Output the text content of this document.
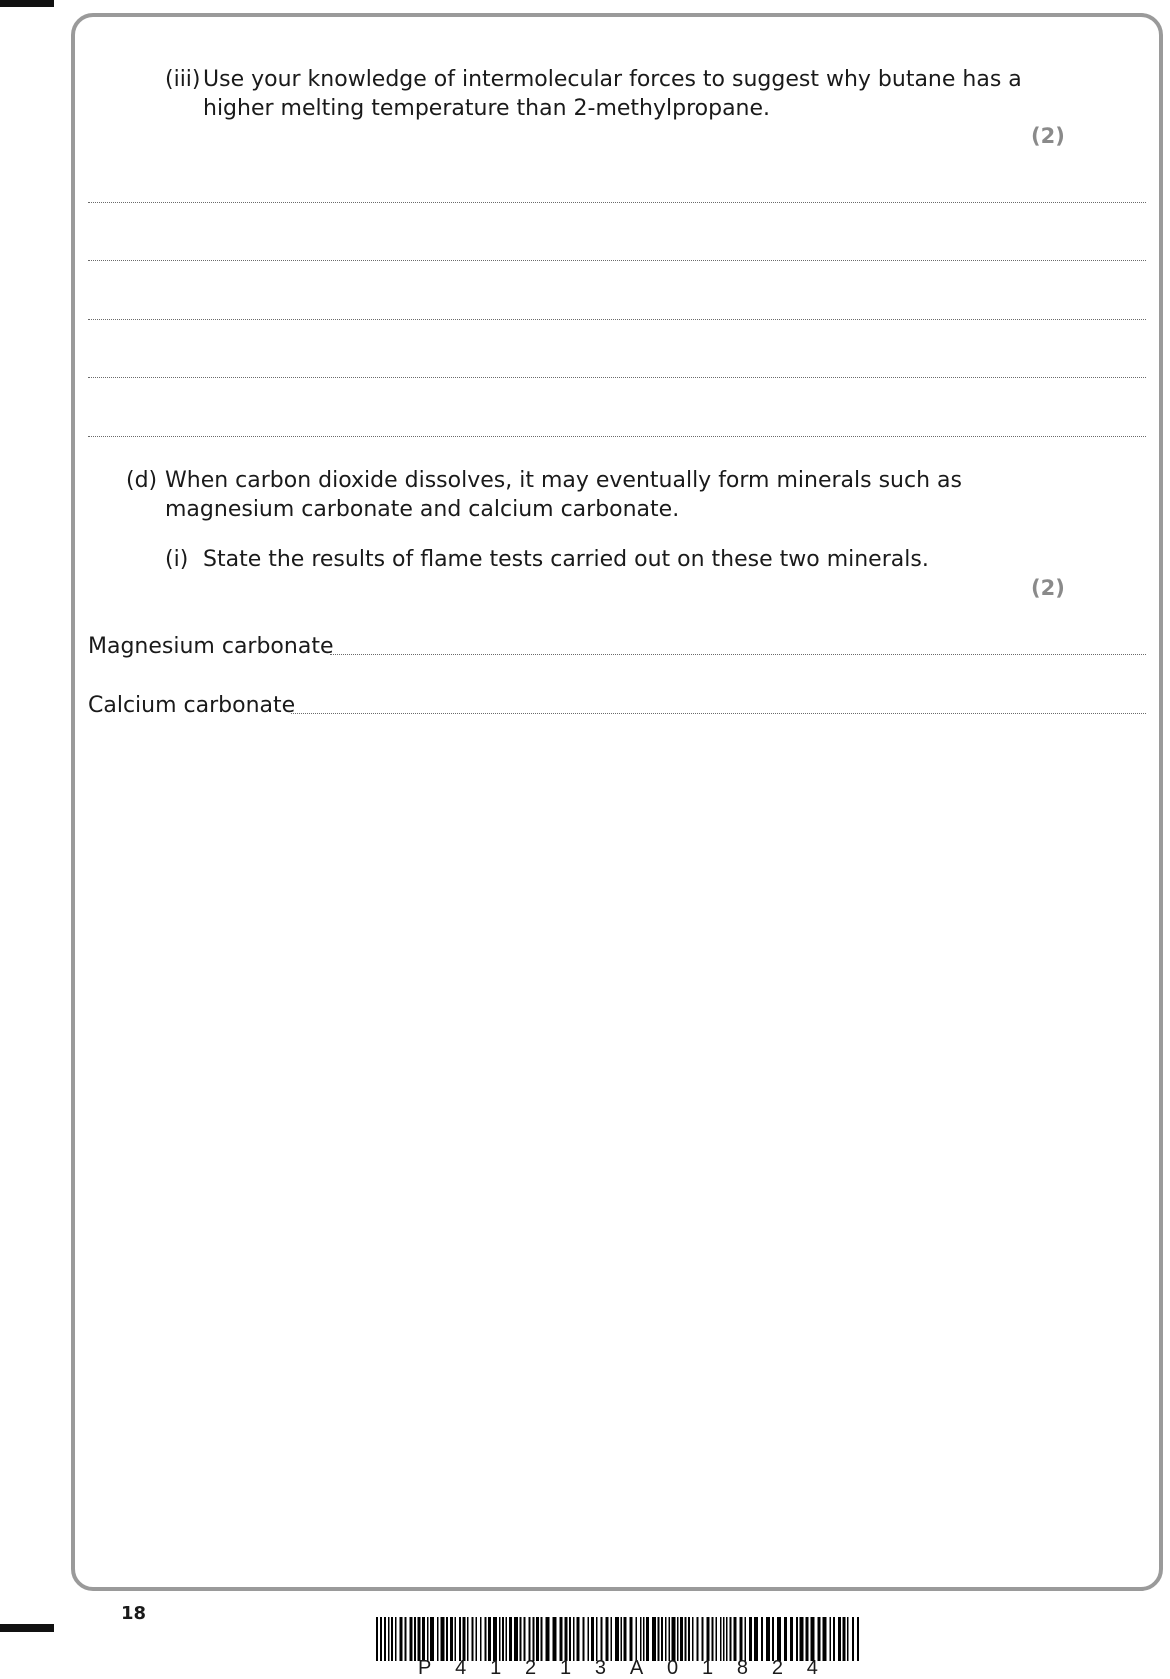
(iii) Use your knowledge of intermolecular forces to suggest why butane has a
higher melting temperature than 2-methylpropane.
(2)
(d) When carbon dioxide dissolves, it may eventually form minerals such as
magnesium carbonate and calcium carbonate.
(i) State the results of flame tests carried out on these two minerals.
(2)
Magnesium carbonate
Calcium carbonate
18
P 4 1 2 1 3 A 0 1 8 2 4
